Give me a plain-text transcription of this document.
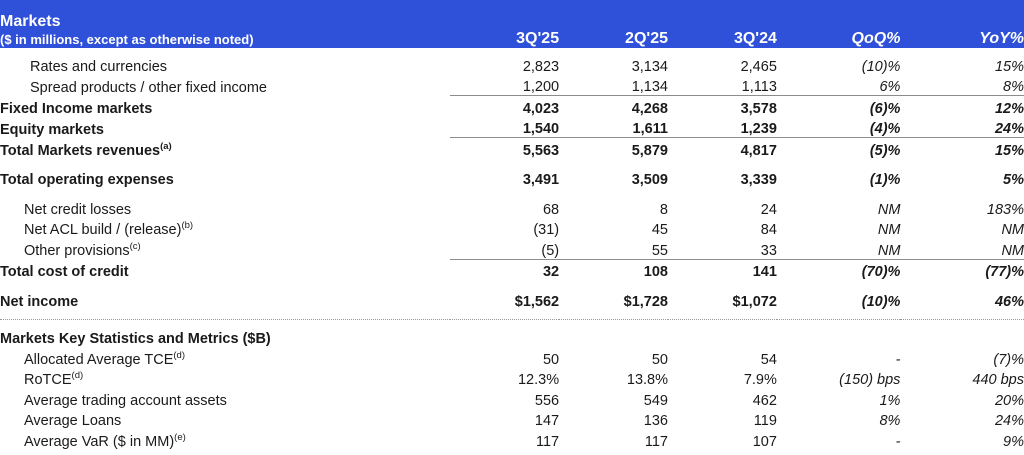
Markets
($ in millions, except as otherwise noted)	3Q'25	2Q'25	3Q'24	QoQ%	YoY%

Rates and currencies	2,823	3,134	2,465	(10)%	15%
Spread products / other fixed income	1,200	1,134	1,113	6%	8%
Fixed Income markets	4,023	4,268	3,578	(6)%	12%
Equity markets	1,540	1,611	1,239	(4)%	24%
Total Markets revenues$^{(a)}$	5,563	5,879	4,817	(5)%	15%

Total operating expenses	3,491	3,509	3,339	(1)%	5%

Net credit losses	68	8	24	NM	183%
Net ACL build / (release)$^{(b)}$	(31)	45	84	NM	NM
Other provisions$^{(c)}$	(5)	55	33	NM	NM
Total cost of credit	32	108	141	(70)%	(77)%

Net income	$1,562	$1,728	$1,072	(10)%	46%

Markets Key Statistics and Metrics ($B)					
Allocated Average TCE$^{(d)}$	50	50	54	-	(7)%
RoTCE$^{(d)}$	12.3%	13.8%	7.9%	(150) bps	440 bps
Average trading account assets	556	549	462	1%	20%
Average Loans	147	136	119	8%	24%
Average VaR ($ in MM)$^{(e)}$	117	117	107	-	9%
